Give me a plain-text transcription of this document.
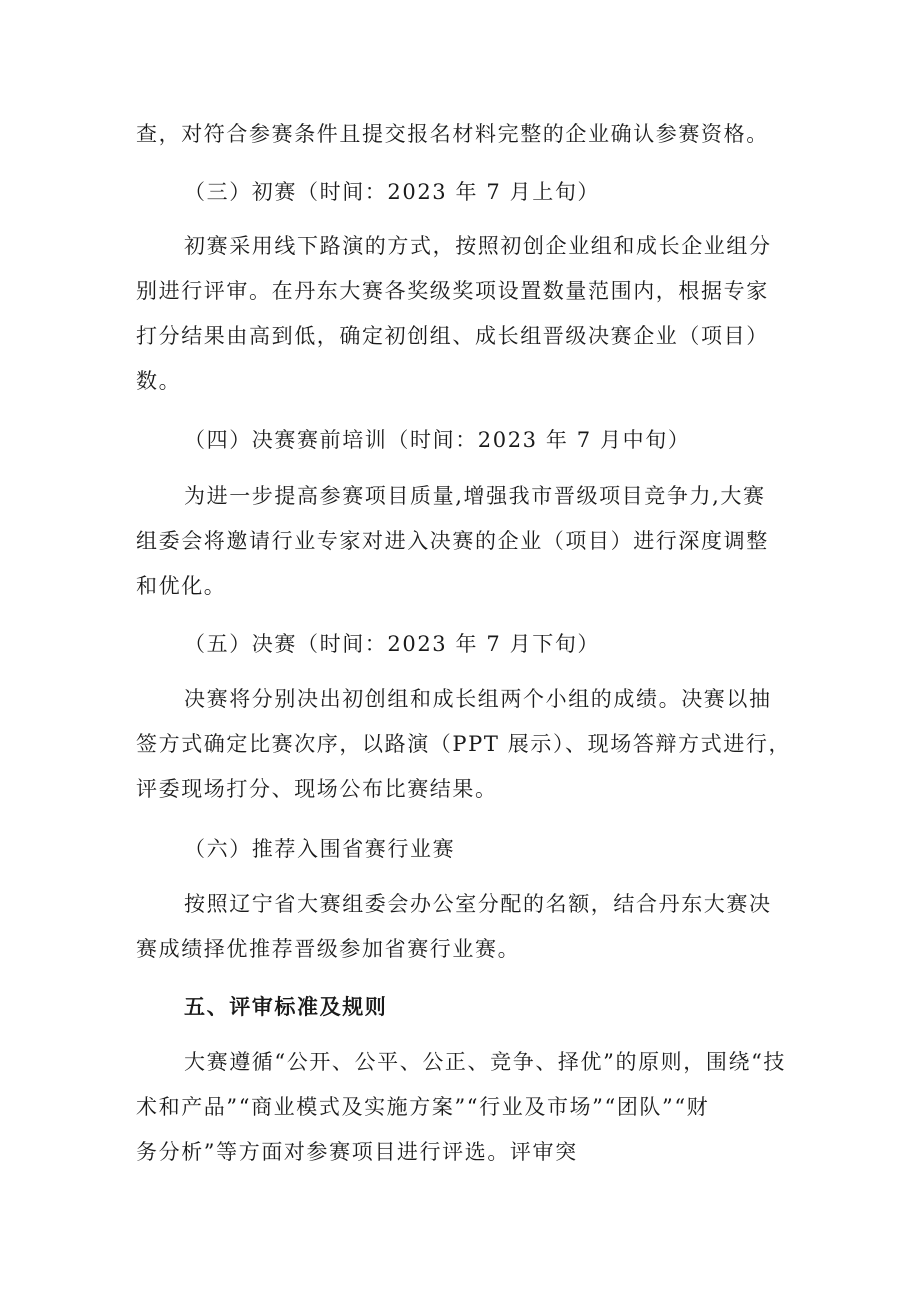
查，对符合参赛条件且提交报名材料完整的企业确认参赛资格。

（三）初赛（时间：2023 年 7 月上旬）

初赛采用线下路演的方式，按照初创企业组和成长企业组分
别进行评审。在丹东大赛各奖级奖项设置数量范围内，根据专家
打分结果由高到低，确定初创组、成长组晋级决赛企业（项目）
数。

（四）决赛赛前培训（时间：2023 年 7 月中旬）

为进一步提高参赛项目质量,增强我市晋级项目竞争力,大赛
组委会将邀请行业专家对进入决赛的企业（项目）进行深度调整
和优化。

（五）决赛（时间：2023 年 7 月下旬）

决赛将分别决出初创组和成长组两个小组的成绩。决赛以抽
签方式确定比赛次序，以路演（PPT 展示）、现场答辩方式进行，
评委现场打分、现场公布比赛结果。

（六）推荐入围省赛行业赛

按照辽宁省大赛组委会办公室分配的名额，结合丹东大赛决
赛成绩择优推荐晋级参加省赛行业赛。

五、评审标准及规则

大赛遵循“公开、公平、公正、竞争、择优”的原则，围绕“技
术和产品”“商业模式及实施方案”“行业及市场”“团队”“财
务分析”等方面对参赛项目进行评选。评审突
